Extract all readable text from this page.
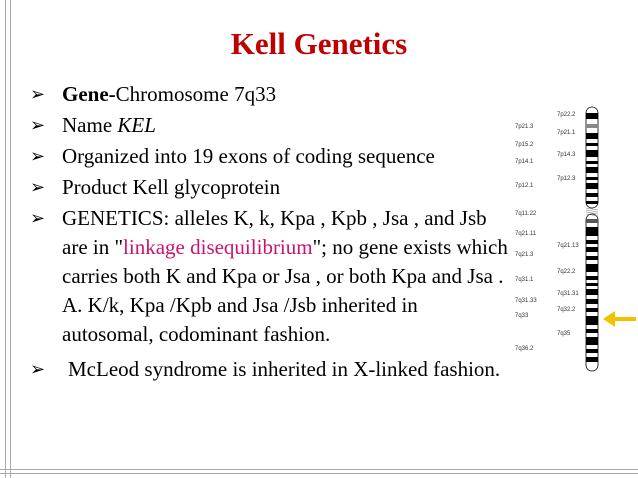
Kell Genetics
➢ Gene-Chromosome 7q33
➢ Name KEL
➢ Organized into 19 exons of coding sequence
➢ Product Kell glycoprotein
➢ GENETICS: alleles K, k, Kpa , Kpb , Jsa , and Jsb are in "linkage disequilibrium"; no gene exists which carries both K and Kpa or Jsa , or both Kpa and Jsa . A. K/k, Kpa /Kpb and Jsa /Jsb inherited in autosomal, codominant fashion.
➢ McLeod syndrome is inherited in X-linked fashion.
7p21.3
7p15.2
7p14.1
7p12.1
7q11.22
7q21.11
7q21.3
7q31.1
7q31.33
7q33
7q36.2
7p22.2
7p21.1
7p14.3
7p12.3
7q21.13
7q22.2
7q31.31
7q32.2
7q35
